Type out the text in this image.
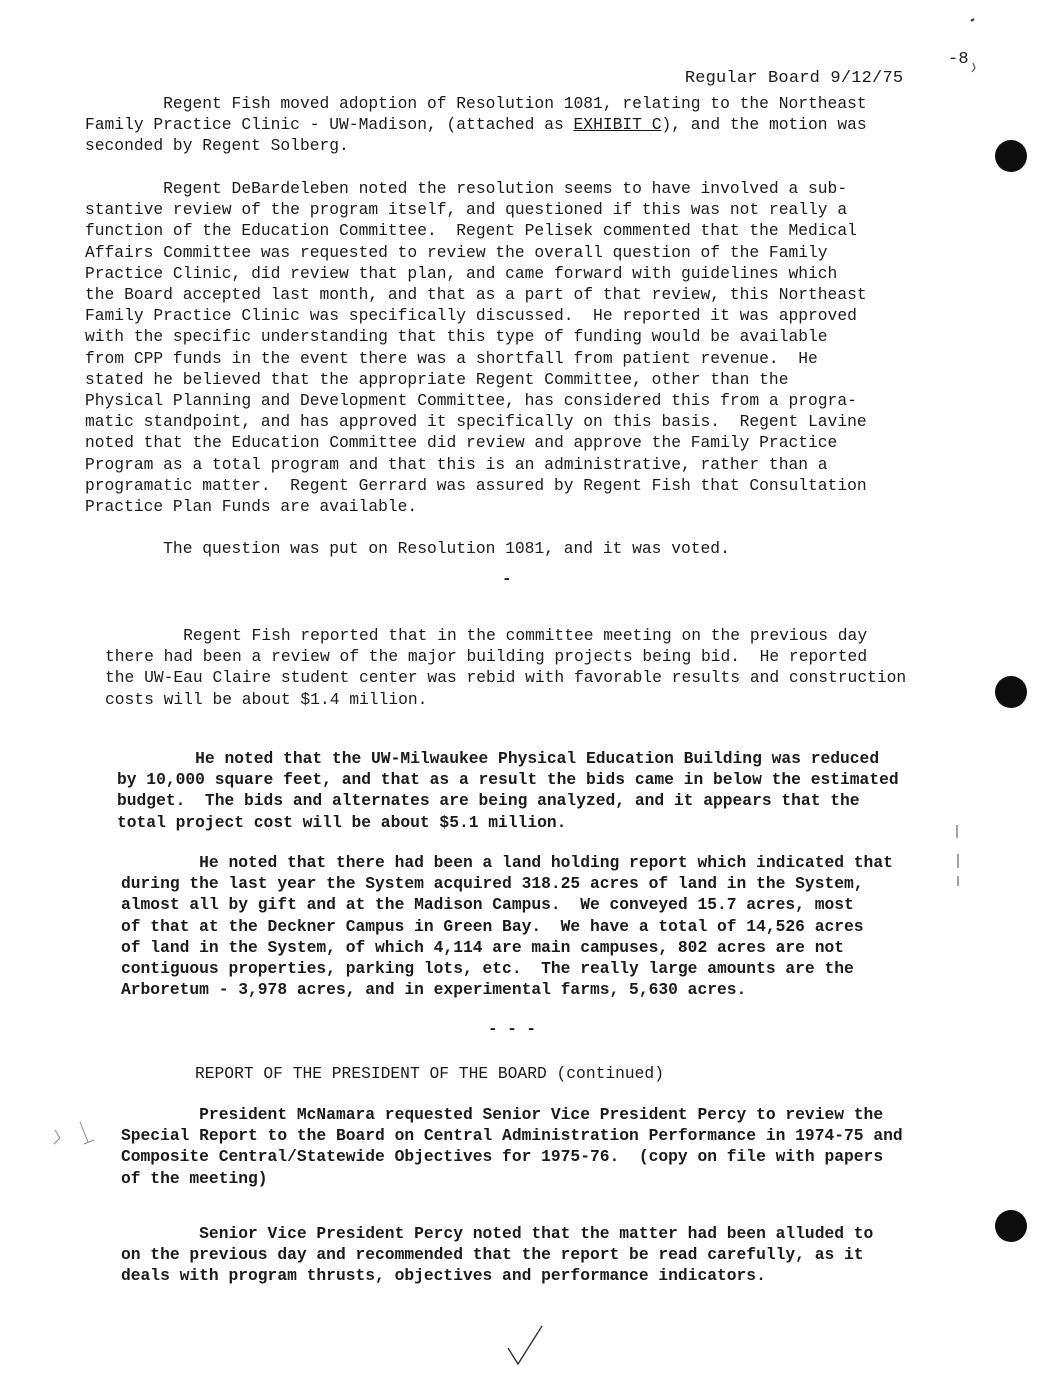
Regular Board 9/12/75

-8

Regent Fish moved adoption of Resolution 1081, relating to the Northeast
Family Practice Clinic - UW-Madison, (attached as EXHIBIT C), and the motion was
seconded by Regent Solberg.
Regent DeBardeleben noted the resolution seems to have involved a sub-
stantive review of the program itself, and questioned if this was not really a
function of the Education Committee.  Regent Pelisek commented that the Medical
Affairs Committee was requested to review the overall question of the Family
Practice Clinic, did review that plan, and came forward with guidelines which
the Board accepted last month, and that as a part of that review, this Northeast
Family Practice Clinic was specifically discussed.  He reported it was approved
with the specific understanding that this type of funding would be available
from CPP funds in the event there was a shortfall from patient revenue.  He
stated he believed that the appropriate Regent Committee, other than the
Physical Planning and Development Committee, has considered this from a progra-
matic standpoint, and has approved it specifically on this basis.  Regent Lavine
noted that the Education Committee did review and approve the Family Practice
Program as a total program and that this is an administrative, rather than a
programatic matter.  Regent Gerrard was assured by Regent Fish that Consultation
Practice Plan Funds are available.
The question was put on Resolution 1081, and it was voted.
-
Regent Fish reported that in the committee meeting on the previous day
there had been a review of the major building projects being bid.  He reported
the UW-Eau Claire student center was rebid with favorable results and construction
costs will be about $1.4 million.
He noted that the UW-Milwaukee Physical Education Building was reduced
by 10,000 square feet, and that as a result the bids came in below the estimated
budget.  The bids and alternates are being analyzed, and it appears that the
total project cost will be about $5.1 million.
He noted that there had been a land holding report which indicated that
during the last year the System acquired 318.25 acres of land in the System,
almost all by gift and at the Madison Campus.  We conveyed 15.7 acres, most
of that at the Deckner Campus in Green Bay.  We have a total of 14,526 acres
of land in the System, of which 4,114 are main campuses, 802 acres are not
contiguous properties, parking lots, etc.  The really large amounts are the
Arboretum - 3,978 acres, and in experimental farms, 5,630 acres.
- - -
REPORT OF THE PRESIDENT OF THE BOARD (continued)
President McNamara requested Senior Vice President Percy to review the
Special Report to the Board on Central Administration Performance in 1974-75 and
Composite Central/Statewide Objectives for 1975-76.  (copy on file with papers
of the meeting)
Senior Vice President Percy noted that the matter had been alluded to
on the previous day and recommended that the report be read carefully, as it
deals with program thrusts, objectives and performance indicators.
